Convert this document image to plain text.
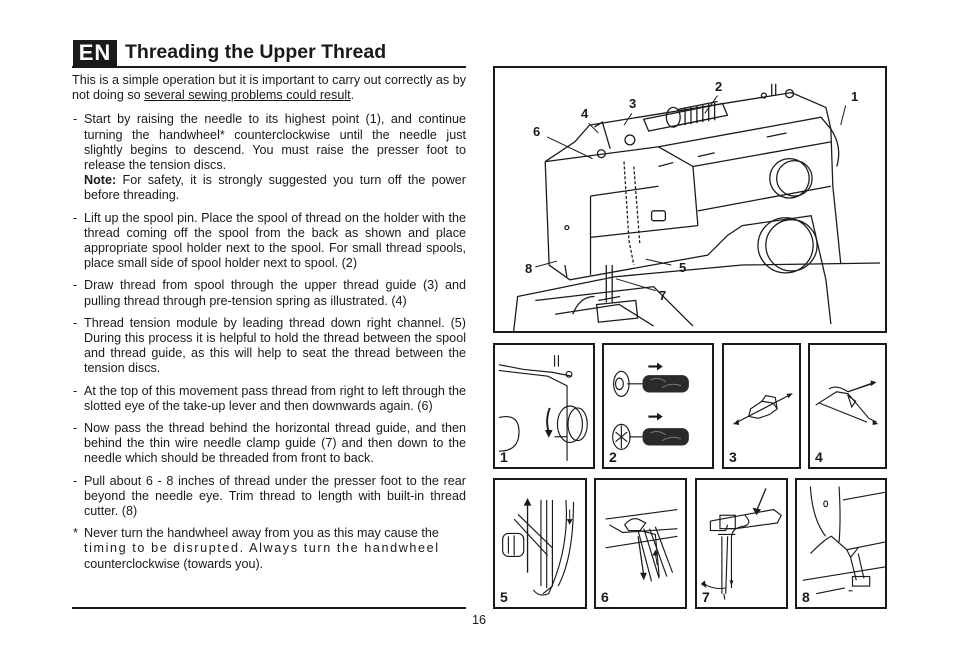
EN Threading the Upper Thread

This is a simple operation but it is important to carry out correctly as by not doing so several sewing problems could result.

- Start by raising the needle to its highest point (1), and continue turning the handwheel* counterclockwise until the needle just slightly begins to descend. You must raise the presser foot to release the tension discs.
Note: For safety, it is strongly suggested you turn off the power before threading.

- Lift up the spool pin. Place the spool of thread on the holder with the thread coming off the spool from the back as shown and place appropriate spool holder next to the spool. For small thread spools, place small side of spool holder next to spool. (2)

- Draw thread from spool through the upper thread guide (3) and pulling thread through pre-tension spring as illustrated. (4)

- Thread tension module by leading thread down right channel. (5) During this process it is helpful to hold the thread between the spool and thread guide, as this will help to seat the thread between the tension discs.

- At the top of this movement pass thread from right to left through the slotted eye of the take-up lever and then downwards again. (6)

- Now pass the thread behind the horizontal thread guide, and then behind the thin wire needle clamp guide (7) and then down to the needle which should be threaded from front to back.

- Pull about 6 - 8 inches of thread under the presser foot to the rear beyond the needle eye. Trim thread to length with built-in thread cutter. (8)

* Never turn the handwheel away from you as this may cause the
timing to be disrupted. Always turn the handwheel
counterclockwise (towards you).

16
1
2
3
4
6
8	5
7
1	2	3	4
5	6	7	8
